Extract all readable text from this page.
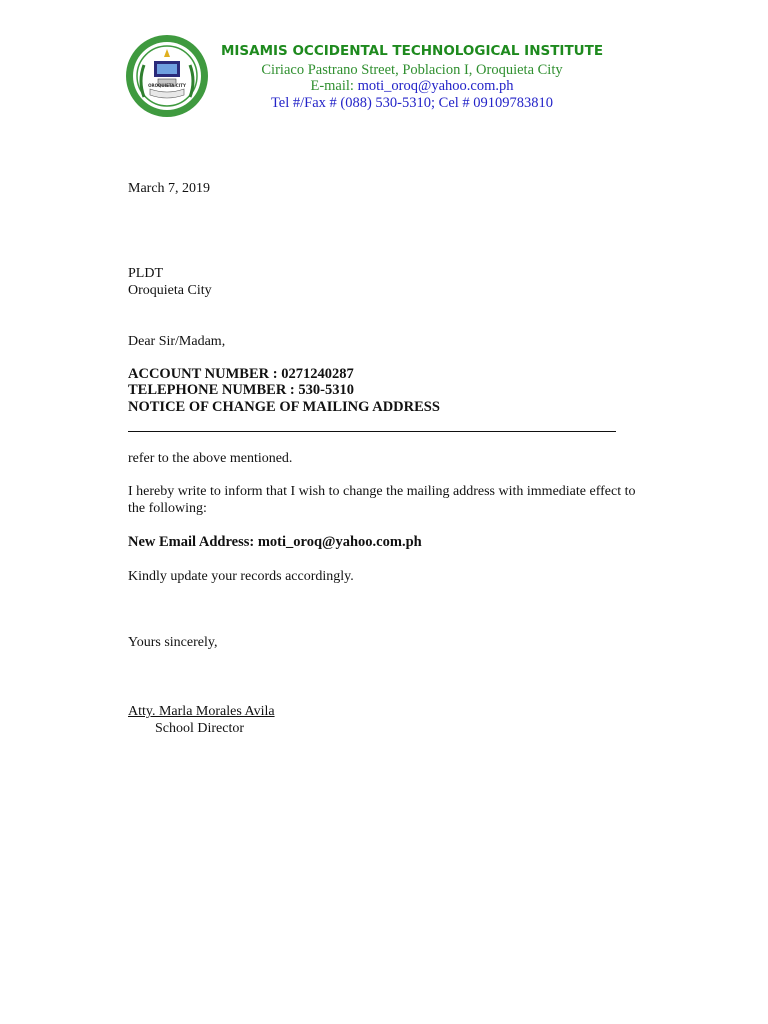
OROQUIETA CITY
MISAMIS OCCIDENTAL TECHNOLOGICAL INSTITUTE
Ciriaco Pastrano Street, Poblacion I, Oroquieta City
E-mail: moti_oroq@yahoo.com.ph
Tel #/Fax # (088) 530-5310; Cel # 09109783810
March 7, 2019
PLDT
Oroquieta City
Dear Sir/Madam,
ACCOUNT NUMBER : 0271240287
TELEPHONE NUMBER : 530-5310
NOTICE OF CHANGE OF MAILING ADDRESS
refer to the above mentioned.
I hereby write to inform that I wish to change the mailing address with immediate effect to
the following:
New Email Address: moti_oroq@yahoo.com.ph
Kindly update your records accordingly.
Yours sincerely,
Atty. Marla Morales Avila
School Director
